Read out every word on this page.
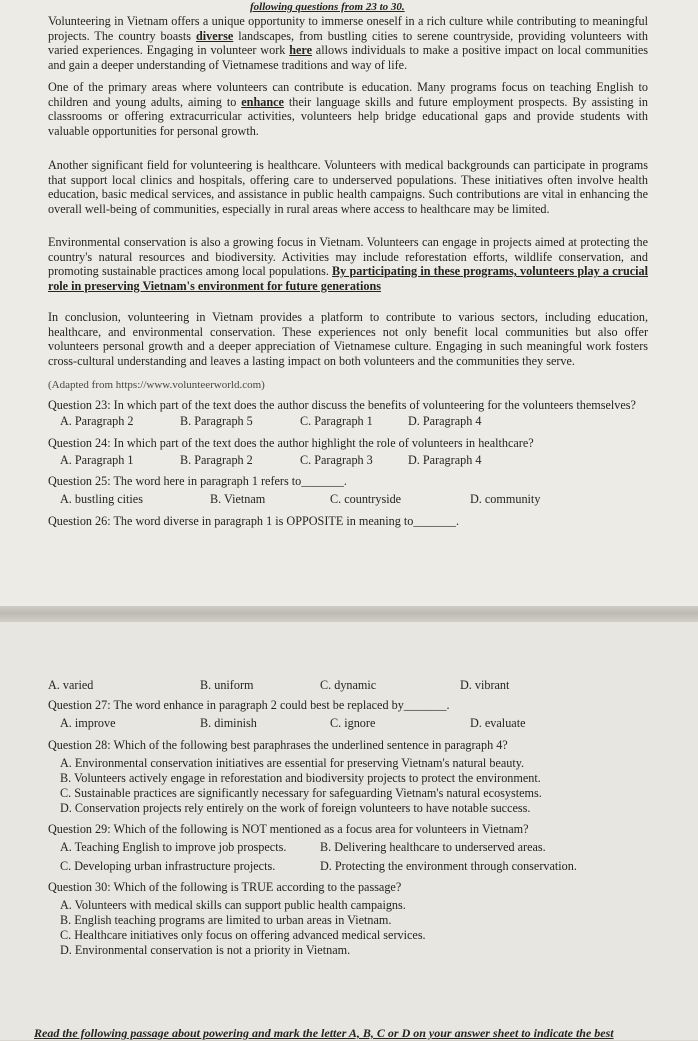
following questions from 23 to 30.

Volunteering in Vietnam offers a unique opportunity to immerse oneself in a rich culture while contributing to meaningful projects. The country boasts diverse landscapes, from bustling cities to serene countryside, providing volunteers with varied experiences. Engaging in volunteer work here allows individuals to make a positive impact on local communities and gain a deeper understanding of Vietnamese traditions and way of life.

One of the primary areas where volunteers can contribute is education. Many programs focus on teaching English to children and young adults, aiming to enhance their language skills and future employment prospects. By assisting in classrooms or offering extracurricular activities, volunteers help bridge educational gaps and provide students with valuable opportunities for personal growth.

Another significant field for volunteering is healthcare. Volunteers with medical backgrounds can participate in programs that support local clinics and hospitals, offering care to underserved populations. These initiatives often involve health education, basic medical services, and assistance in public health campaigns. Such contributions are vital in enhancing the overall well-being of communities, especially in rural areas where access to healthcare may be limited.

Environmental conservation is also a growing focus in Vietnam. Volunteers can engage in projects aimed at protecting the country's natural resources and biodiversity. Activities may include reforestation efforts, wildlife conservation, and promoting sustainable practices among local populations. By participating in these programs, volunteers play a crucial role in preserving Vietnam's environment for future generations

In conclusion, volunteering in Vietnam provides a platform to contribute to various sectors, including education, healthcare, and environmental conservation. These experiences not only benefit local communities but also offer volunteers personal growth and a deeper appreciation of Vietnamese culture. Engaging in such meaningful work fosters cross-cultural understanding and leaves a lasting impact on both volunteers and the communities they serve.

(Adapted from https://www.volunteerworld.com)
Question 23: In which part of the text does the author discuss the benefits of volunteering for the volunteers themselves?
A. Paragraph 2	B. Paragraph 5	C. Paragraph 1	D. Paragraph 4
Question 24: In which part of the text does the author highlight the role of volunteers in healthcare?
A. Paragraph 1	B. Paragraph 2	C. Paragraph 3	D. Paragraph 4
Question 25: The word here in paragraph 1 refers to_______.
A. bustling cities	B. Vietnam	C. countryside	D. community
Question 26: The word diverse in paragraph 1 is OPPOSITE in meaning to_______.
A. varied	B. uniform	C. dynamic	D. vibrant
Question 27: The word enhance in paragraph 2 could best be replaced by_______.
A. improve	B. diminish	C. ignore	D. evaluate
Question 28: Which of the following best paraphrases the underlined sentence in paragraph 4?
A. Environmental conservation initiatives are essential for preserving Vietnam's natural beauty.
B. Volunteers actively engage in reforestation and biodiversity projects to protect the environment.
C. Sustainable practices are significantly necessary for safeguarding Vietnam's natural ecosystems.
D. Conservation projects rely entirely on the work of foreign volunteers to have notable success.
Question 29: Which of the following is NOT mentioned as a focus area for volunteers in Vietnam?
A. Teaching English to improve job prospects.	B. Delivering healthcare to underserved areas.
C. Developing urban infrastructure projects.	D. Protecting the environment through conservation.
Question 30: Which of the following is TRUE according to the passage?
A. Volunteers with medical skills can support public health campaigns.
B. English teaching programs are limited to urban areas in Vietnam.
C. Healthcare initiatives only focus on offering advanced medical services.
D. Environmental conservation is not a priority in Vietnam.
Read the following passage about powering and mark the letter A, B, C or D on your answer sheet to indicate the best
